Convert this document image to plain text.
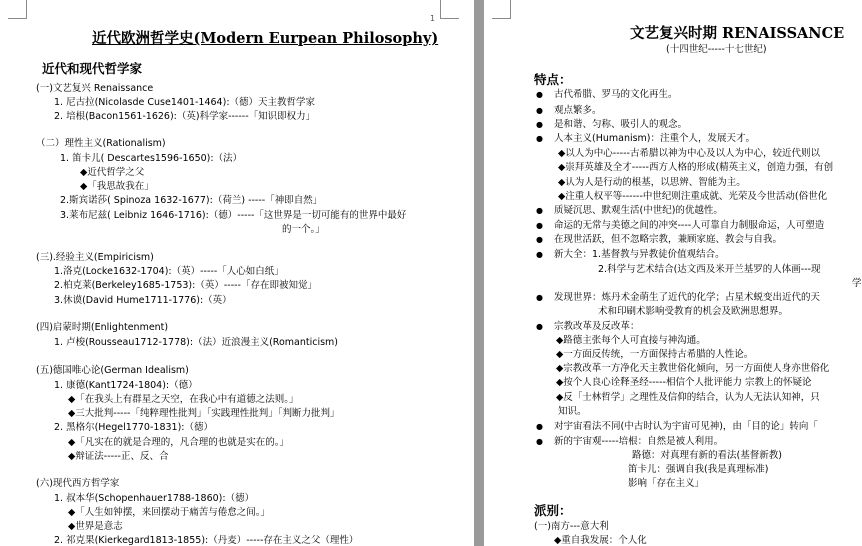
1
近代欧洲哲学史(Modern Eurpean Philosophy)
近代和现代哲学家
(一)文艺复兴 Renaissance
1. 尼古拉(Nicolasde Cuse1401-1464):（德）天主教哲学家
2. 培根(Bacon1561-1626):（英)科学家------「知识即权力」
（二）理性主义(Rationalism)
1. 笛卡儿( Descartes1596-1650):（法）
◆近代哲学之父
◆「我思故我在」
2.斯宾诺莎( Spinoza 1632-1677):（荷兰) -----「神即自然」
3.莱布尼兹( Leibniz 1646-1716):（德）-----「这世界是一切可能有的世界中最好
的一个。」
(三).经验主义(Empiricism)
1.洛克(Locke1632-1704):（英）-----「人心如白纸」
2.柏克莱(Berkeley1685-1753):（英）-----「存在即被知觉」
3.休谟(David Hume1711-1776):（英）
(四)启蒙时期(Enlightenment)
1. 卢梭(Rousseau1712-1778):（法）近浪漫主义(Romanticism)
(五)德国唯心论(German Idealism)
1. 康德(Kant1724-1804):（德）
◆「在我头上有群星之天空，在我心中有道德之法则。」
◆三大批判-----「纯粹理性批判」「实践理性批判」「判断力批判」
2. 黑格尔(Hegel1770-1831):（德）
◆「凡实在的就是合理的，凡合理的也就是实在的。」
◆辩证法-----正、反、合
(六)现代西方哲学家
1. 叔本华(Schopenhauer1788-1860):（德）
◆「人生如钟摆，来回摆动于痛苦与倦怠之间。」
◆世界是意志
2. 祁克果(Kierkegard1813-1855):（丹麦）-----存在主义之父（理性）
文艺复兴时期 RENAISSANCE
(十四世纪-----十七世纪)
特点：
● 古代希腊、罗马的文化再生。
● 观点繁多。
● 是和谐、匀称、吸引人的观念。
● 人本主义(Humanism)：注重个人，发展天才。
◆以人为中心-----古希腊以神为中心及以人为中心，较近代则以
◆崇拜英雄及全才-----西方人格的形成(精英主义，创造力强，有创
◆认为人是行动的根基，以思辨、智能为主。
◆注重人权平等------中世纪则注重成就、光荣及今世活动(俗世化
● 质疑沉思、默观生活(中世纪)的优越性。
● 命运的无常与美德之间的冲突----人可靠自力制服命运，人可塑造
● 在现世活跃，但不忽略宗教，兼顾家庭、教会与自我。
● 新大全：1.基督教与异教徒价值观结合。
2.科学与艺术结合(达文西及米开兰基罗的人体画---现
学
● 发现世界：炼丹术金萌生了近代的化学；占星术蜕变出近代的天
术和印刷术影响受教育的机会及欧洲思想界。
● 宗教改革及反改革：
◆路德主张每个人可直接与神沟通。
◆一方面反传统，一方面保持古希腊的人性论。
◆宗教改革一方净化天主教世俗化倾向，另一方面使人身亦世俗化
◆按个人良心诠释圣经-----相信个人批评能力 宗教上的怀疑论
◆反「士林哲学」之理性及信仰的结合，认为人无法认知神，只
知识。
● 对宇宙看法不同(中古时认为宇宙可见神)，由「目的论」转向「
● 新的宇宙观-----培根：自然是被人利用。
路德：对真理有新的看法(基督新教)
笛卡儿：强调自我(我是真理标准)
影响「存在主义」
派别：
(一)南方---意大利
◆重自我发展：个人化
